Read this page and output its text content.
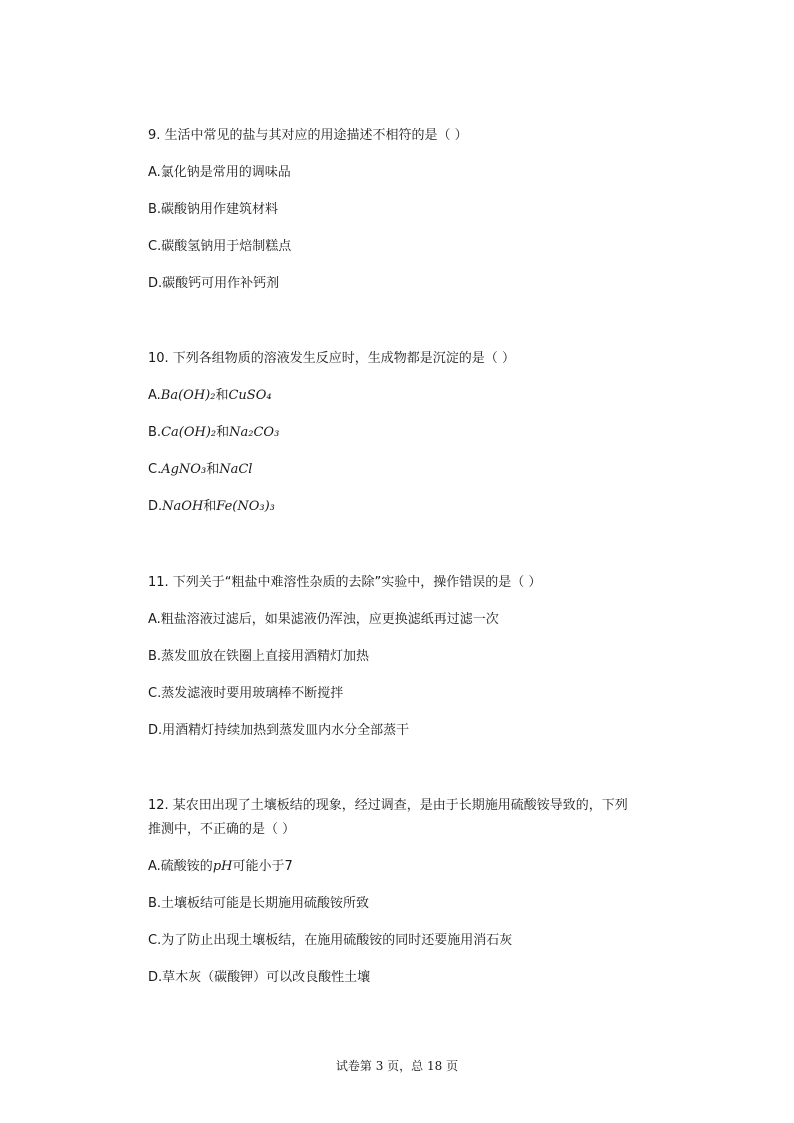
9. 生活中常见的盐与其对应的用途描述不相符的是（ ）
A.氯化钠是常用的调味品
B.碳酸钠用作建筑材料
C.碳酸氢钠用于焙制糕点
D.碳酸钙可用作补钙剂
10. 下列各组物质的溶液发生反应时，生成物都是沉淀的是（ ）
A.Ba(OH)₂和CuSO₄
B.Ca(OH)₂和Na₂CO₃
C.AgNO₃和NaCl
D.NaOH和Fe(NO₃)₃
11. 下列关于“粗盐中难溶性杂质的去除”实验中，操作错误的是（ ）
A.粗盐溶液过滤后，如果滤液仍浑浊，应更换滤纸再过滤一次
B.蒸发皿放在铁圈上直接用酒精灯加热
C.蒸发滤液时要用玻璃棒不断搅拌
D.用酒精灯持续加热到蒸发皿内水分全部蒸干
12. 某农田出现了土壤板结的现象，经过调查，是由于长期施用硫酸铵导致的，下列
推测中，不正确的是（ ）
A.硫酸铵的pH可能小于7
B.土壤板结可能是长期施用硫酸铵所致
C.为了防止出现土壤板结，在施用硫酸铵的同时还要施用消石灰
D.草木灰（碳酸钾）可以改良酸性土壤
试卷第 3 页，总 18 页
